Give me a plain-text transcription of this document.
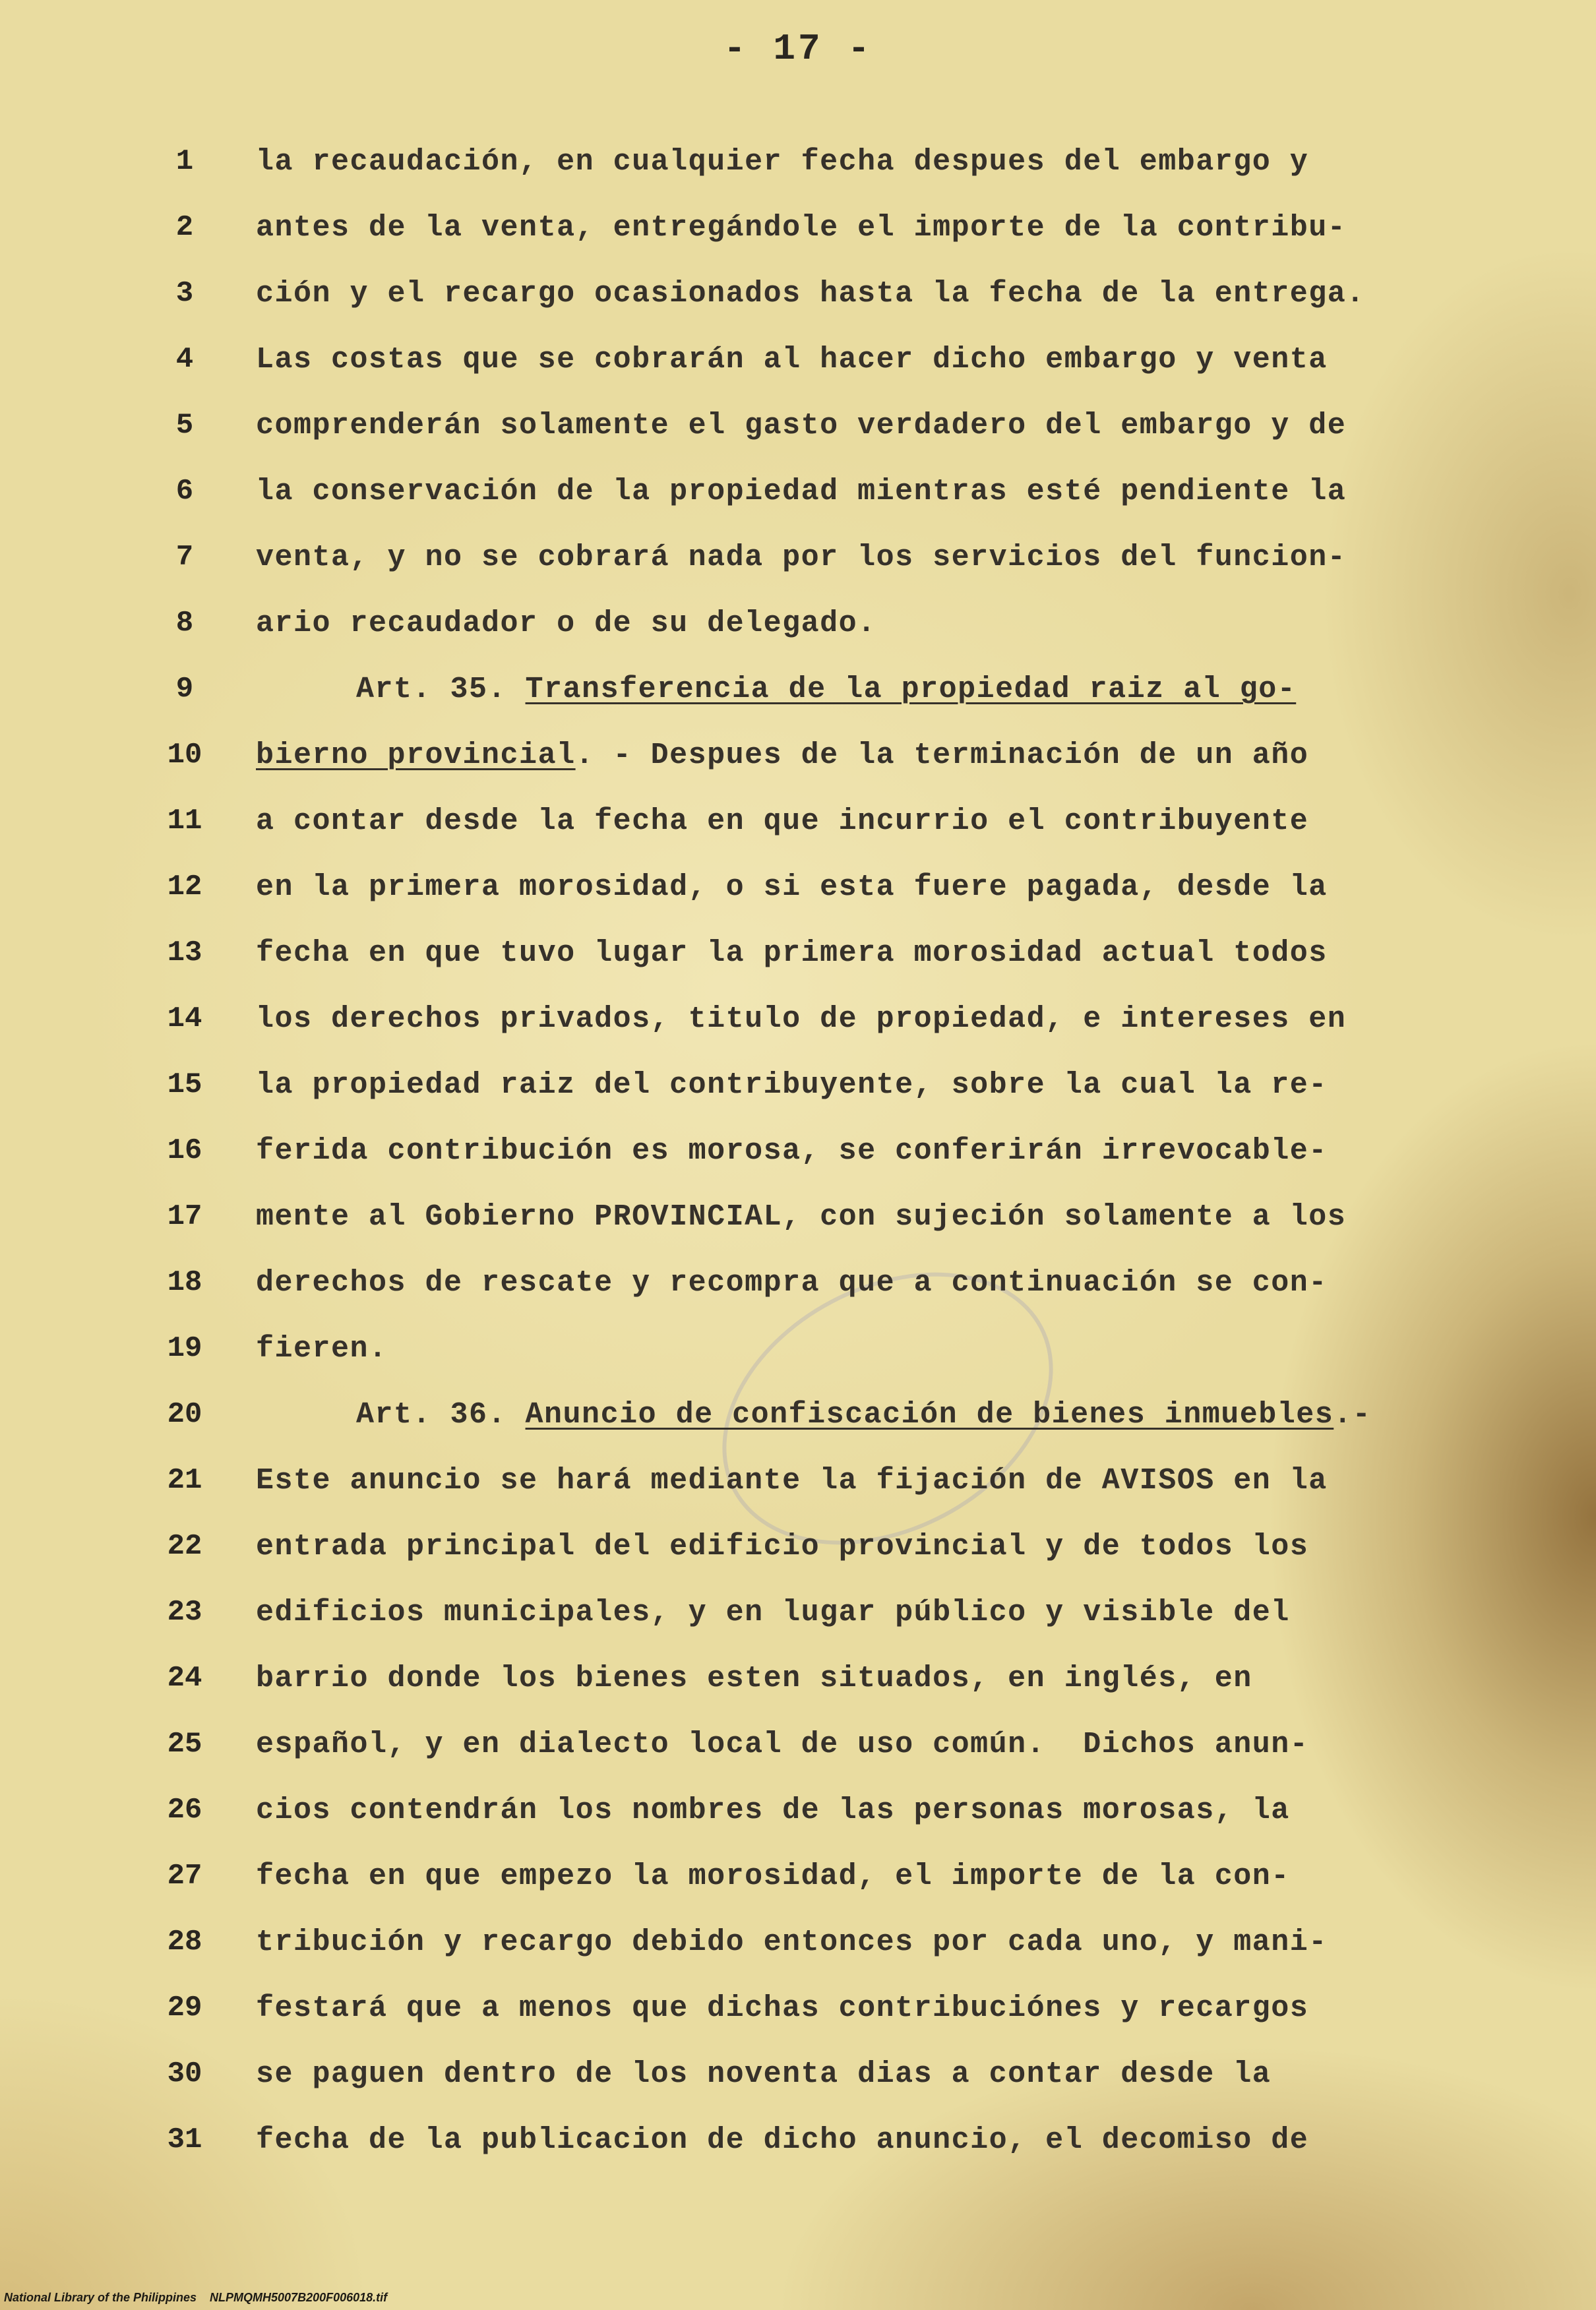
- 17 -
1	la recaudación, en cualquier fecha despues del embargo y
2	antes de la venta, entregándole el importe de la contribu-
3	ción y el recargo ocasionados hasta la fecha de la entrega.
4	Las costas que se cobrarán al hacer dicho embargo y venta
5	comprenderán solamente el gasto verdadero del embargo y de
6	la conservación de la propiedad mientras esté pendiente la
7	venta, y no se cobrará nada por los servicios del funcion-
8	ario recaudador o de su delegado.
9	Art. 35. Transferencia de la propiedad raiz al go-
10	bierno provincial. - Despues de la terminación de un año
11	a contar desde la fecha en que incurrio el contribuyente
12	en la primera morosidad, o si esta fuere pagada, desde la
13	fecha en que tuvo lugar la primera morosidad actual todos
14	los derechos privados, titulo de propiedad, e intereses en
15	la propiedad raiz del contribuyente, sobre la cual la re-
16	ferida contribución es morosa, se conferirán irrevocable-
17	mente al Gobierno PROVINCIAL, con sujeción solamente a los
18	derechos de rescate y recompra que a continuación se con-
19	fieren.
20	Art. 36. Anuncio de confiscación de bienes inmuebles.-
21	Este anuncio se hará mediante la fijación de AVISOS en la
22	entrada principal del edificio provincial y de todos los
23	edificios municipales, y en lugar público y visible del
24	barrio donde los bienes esten situados, en inglés, en
25	español, y en dialecto local de uso común.  Dichos anun-
26	cios contendrán los nombres de las personas morosas, la
27	fecha en que empezo la morosidad, el importe de la con-
28	tribución y recargo debido entonces por cada uno, y mani-
29	festará que a menos que dichas contribuciónes y recargos
30	se paguen dentro de los noventa dias a contar desde la
31	fecha de la publicacion de dicho anuncio, el decomiso de
National Library of the Philippines    NLPMQMH5007B200F006018.tif
